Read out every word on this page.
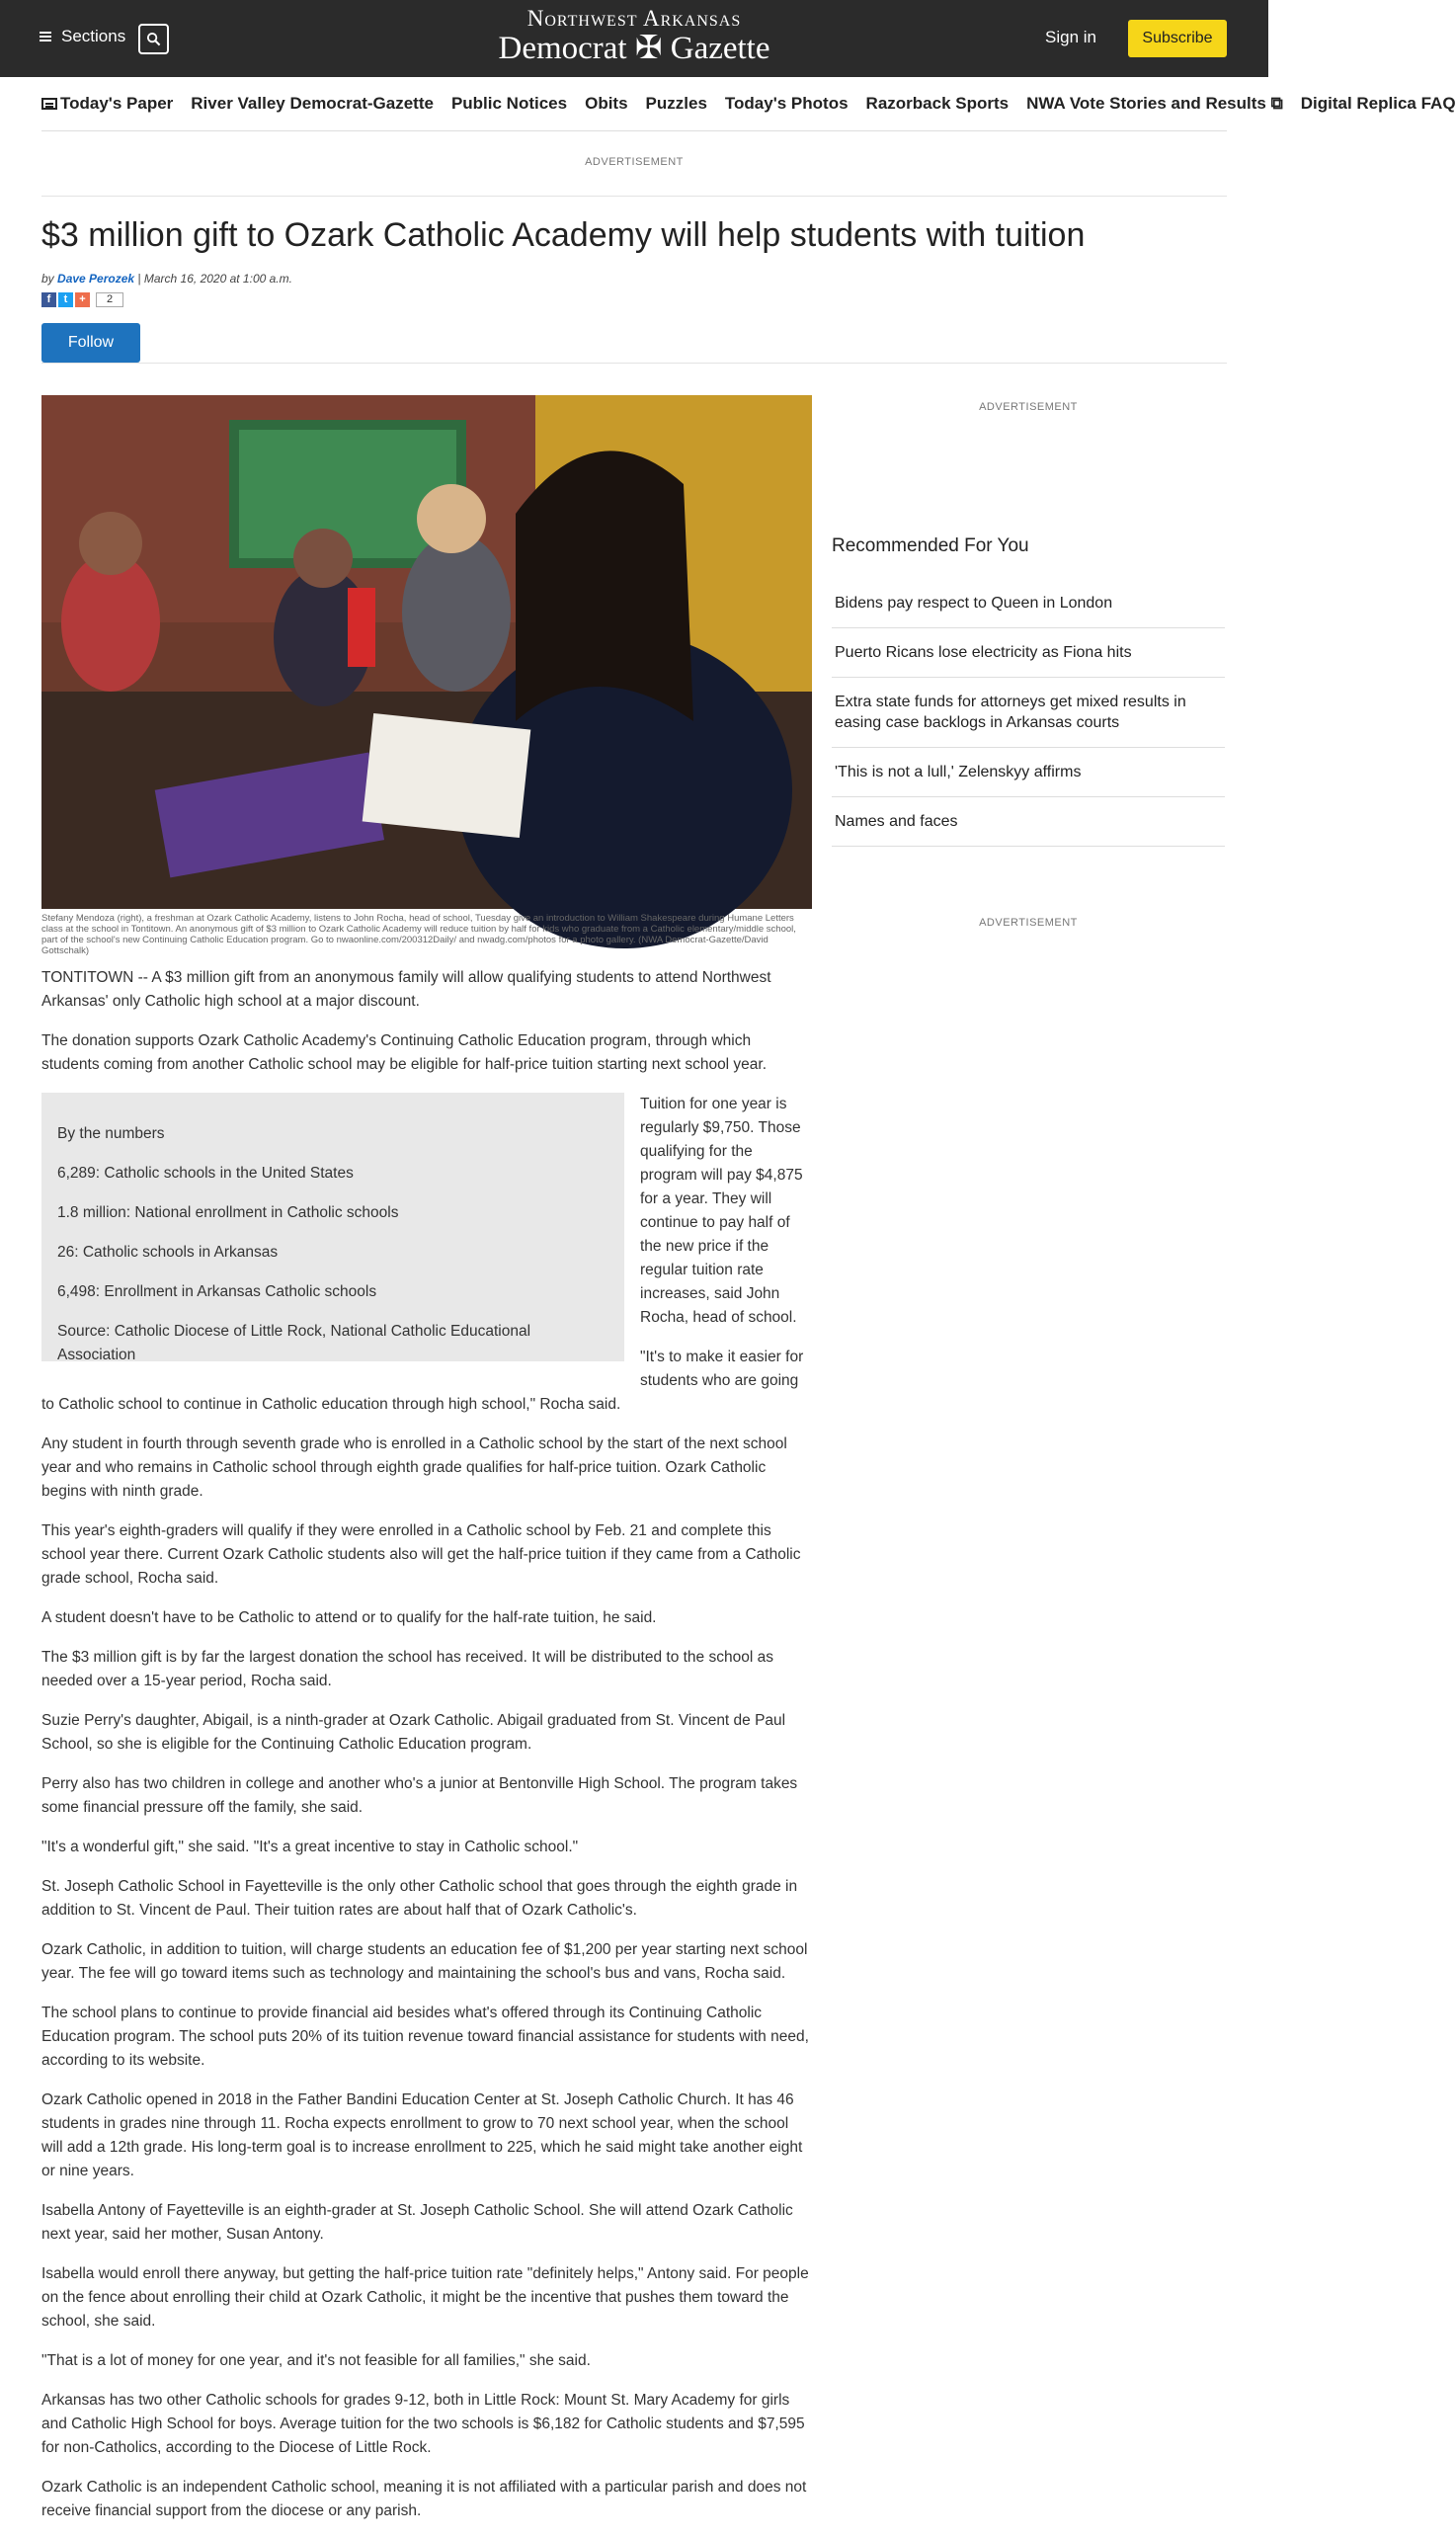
Sections
Northwest Arkansas
Democrat ✠ Gazette	Sign in	Subscribe
Today's Paper River Valley Democrat-Gazette Public Notices Obits Puzzles Today's Photos Razorback Sports NWA Vote Stories and Results ⧉ Digital Replica FAQ
ADVERTISEMENT
$3 million gift to Ozark Catholic Academy will help students with tuition
by Dave Perozek | March 16, 2020 at 1:00 a.m.
f	t	+	2
Follow
Stefany Mendoza (right), a freshman at Ozark Catholic Academy, listens to John Rocha, head of school, Tuesday give an introduction to William Shakespeare during Humane Letters class at the school in Tontitown. An anonymous gift of $3 million to Ozark Catholic Academy will reduce tuition by half for kids who graduate from a Catholic elementary/middle school, part of the school's new Continuing Catholic Education program. Go to nwaonline.com/200312Daily/ and nwadg.com/photos for a photo gallery. (NWA Democrat-Gazette/David Gottschalk)

TONTITOWN -- A $3 million gift from an anonymous family will allow qualifying students to attend Northwest Arkansas' only Catholic high school at a major discount.

The donation supports Ozark Catholic Academy's Continuing Catholic Education program, through which students coming from another Catholic school may be eligible for half-price tuition starting next school year.

By the numbers
6,289: Catholic schools in the United States
1.8 million: National enrollment in Catholic schools
26: Catholic schools in Arkansas
6,498: Enrollment in Arkansas Catholic schools
Source: Catholic Diocese of Little Rock, National Catholic Educational Association

Tuition for one year is regularly $9,750. Those qualifying for the program will pay $4,875 for a year. They will continue to pay half of the new price if the regular tuition rate increases, said John Rocha, head of school.

"It's to make it easier for students who are going to Catholic school to continue in Catholic education through high school," Rocha said.

Any student in fourth through seventh grade who is enrolled in a Catholic school by the start of the next school year and who remains in Catholic school through eighth grade qualifies for half-price tuition. Ozark Catholic begins with ninth grade.

This year's eighth-graders will qualify if they were enrolled in a Catholic school by Feb. 21 and complete this school year there. Current Ozark Catholic students also will get the half-price tuition if they came from a Catholic grade school, Rocha said.

A student doesn't have to be Catholic to attend or to qualify for the half-rate tuition, he said.

The $3 million gift is by far the largest donation the school has received. It will be distributed to the school as needed over a 15-year period, Rocha said.

Suzie Perry's daughter, Abigail, is a ninth-grader at Ozark Catholic. Abigail graduated from St. Vincent de Paul School, so she is eligible for the Continuing Catholic Education program.

Perry also has two children in college and another who's a junior at Bentonville High School. The program takes some financial pressure off the family, she said.

"It's a wonderful gift," she said. "It's a great incentive to stay in Catholic school."

St. Joseph Catholic School in Fayetteville is the only other Catholic school that goes through the eighth grade in addition to St. Vincent de Paul. Their tuition rates are about half that of Ozark Catholic's.

Ozark Catholic, in addition to tuition, will charge students an education fee of $1,200 per year starting next school year. The fee will go toward items such as technology and maintaining the school's bus and vans, Rocha said.

The school plans to continue to provide financial aid besides what's offered through its Continuing Catholic Education program. The school puts 20% of its tuition revenue toward financial assistance for students with need, according to its website.

Ozark Catholic opened in 2018 in the Father Bandini Education Center at St. Joseph Catholic Church. It has 46 students in grades nine through 11. Rocha expects enrollment to grow to 70 next school year, when the school will add a 12th grade. His long-term goal is to increase enrollment to 225, which he said might take another eight or nine years.

Isabella Antony of Fayetteville is an eighth-grader at St. Joseph Catholic School. She will attend Ozark Catholic next year, said her mother, Susan Antony.

Isabella would enroll there anyway, but getting the half-price tuition rate "definitely helps," Antony said. For people on the fence about enrolling their child at Ozark Catholic, it might be the incentive that pushes them toward the school, she said.

"That is a lot of money for one year, and it's not feasible for all families," she said.

Arkansas has two other Catholic schools for grades 9-12, both in Little Rock: Mount St. Mary Academy for girls and Catholic High School for boys. Average tuition for the two schools is $6,182 for Catholic students and $7,595 for non-Catholics, according to the Diocese of Little Rock.

Ozark Catholic is an independent Catholic school, meaning it is not affiliated with a particular parish and does not receive financial support from the diocese or any parish.

ADVERTISEMENT
Recommended For You
Bidens pay respect to Queen in London
Puerto Ricans lose electricity as Fiona hits
Extra state funds for attorneys get mixed results in easing case backlogs in Arkansas courts
'This is not a lull,' Zelenskyy affirms
Names and faces
ADVERTISEMENT
